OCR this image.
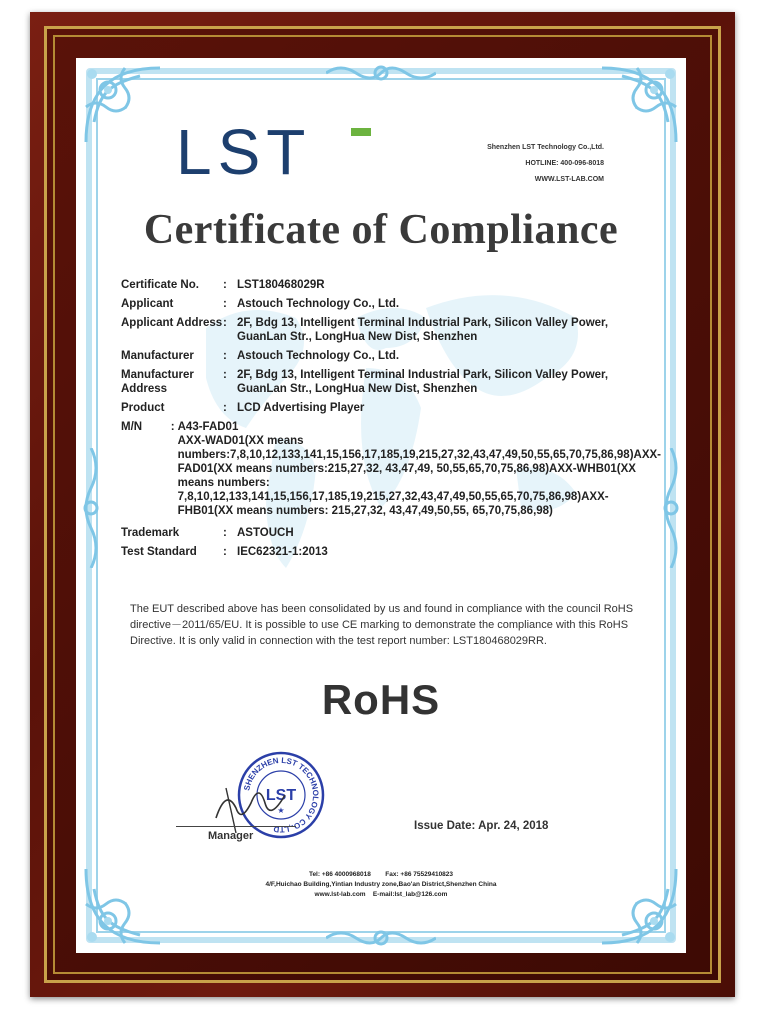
LST	Shenzhen LST Technology Co.,Ltd.
HOTLINE: 400-096-8018
WWW.LST-LAB.COM
Certificate of Compliance
Certificate No.	: LST180468029R
Applicant	: Astouch Technology Co., Ltd.
Applicant Address : 2F, Bdg 13, Intelligent Terminal Industrial Park, Silicon Valley Power, GuanLan Str., LongHua New Dist, Shenzhen
Manufacturer	: Astouch Technology Co., Ltd.
Manufacturer Address
: 2F, Bdg 13, Intelligent Terminal Industrial Park, Silicon Valley Power, GuanLan Str., LongHua New Dist, Shenzhen
Product	: LCD Advertising Player
M/N	: A43-FAD01
AXX-WAD01(XX means numbers:7,8,10,12,133,141,15,156,17,185,19,215,27,32,43,47,49,50,55,65,70,75,86,98)AXX-FAD01(XX means numbers:215,27,32, 43,47,49, 50,55,65,70,75,86,98)AXX-WHB01(XX means numbers: 7,8,10,12,133,141,15,156,17,185,19,215,27,32,43,47,49,50,55,65,70,75,86,98)AXX-FHB01(XX means numbers: 215,27,32, 43,47,49,50,55, 65,70,75,86,98)
Trademark	: ASTOUCH
Test Standard	: IEC62321-1:2013
The EUT described above has been consolidated by us and found in compliance with the council RoHS directive－2011/65/EU. It is possible to use CE marking to demonstrate the compliance with this RoHS Directive. It is only valid in connection with the test report number: LST180468029RR.
RoHS
SHENZHEN LST TECHNOLOGY CO.,LTD
LST
★
Manager
Issue Date: Apr. 24, 2018
Tel: +86 4000968018        Fax: +86 75529410823
4/F,Huichao Building,Yintian Industry zone,Bao'an District,Shenzhen China
www.lst-lab.com    E-mail:lst_lab@126.com
